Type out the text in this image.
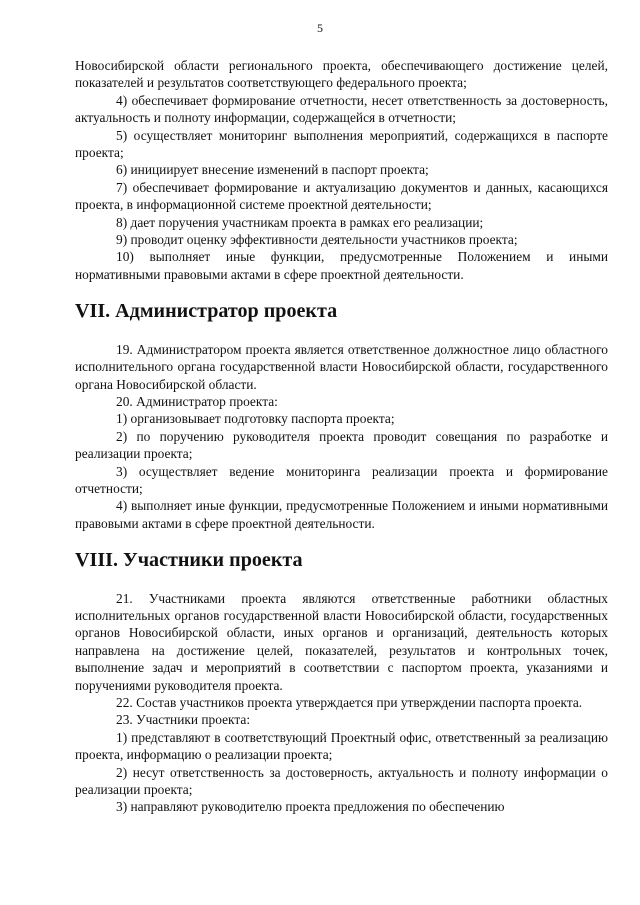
5

Новосибирской области регионального проекта, обеспечивающего достижение целей, показателей и результатов соответствующего федерального проекта;

4) обеспечивает формирование отчетности, несет ответственность за достоверность, актуальность и полноту информации, содержащейся в отчетности;

5) осуществляет мониторинг выполнения мероприятий, содержащихся в паспорте проекта;

6) инициирует внесение изменений в паспорт проекта;

7) обеспечивает формирование и актуализацию документов и данных, касающихся проекта, в информационной системе проектной деятельности;

8) дает поручения участникам проекта в рамках его реализации;

9) проводит оценку эффективности деятельности участников проекта;

10) выполняет иные функции, предусмотренные Положением и иными нормативными правовыми актами в сфере проектной деятельности.

VII. Администратор проекта

19. Администратором проекта является ответственное должностное лицо областного исполнительного органа государственной власти Новосибирской области, государственного органа Новосибирской области.

20. Администратор проекта:

1) организовывает подготовку паспорта проекта;

2) по поручению руководителя проекта проводит совещания по разработке и реализации проекта;

3) осуществляет ведение мониторинга реализации проекта и формирование отчетности;

4) выполняет иные функции, предусмотренные Положением и иными нормативными правовыми актами в сфере проектной деятельности.

VIII. Участники проекта

21. Участниками проекта являются ответственные работники областных исполнительных органов государственной власти Новосибирской области, государственных органов Новосибирской области, иных органов и организаций, деятельность которых направлена на достижение целей, показателей, результатов и контрольных точек, выполнение задач и мероприятий в соответствии с паспортом проекта, указаниями и поручениями руководителя проекта.

22. Состав участников проекта утверждается при утверждении паспорта проекта.

23. Участники проекта:

1) представляют в соответствующий Проектный офис, ответственный за реализацию проекта, информацию о реализации проекта;

2) несут ответственность за достоверность, актуальность и полноту информации о реализации проекта;

3) направляют руководителю проекта предложения по обеспечению
